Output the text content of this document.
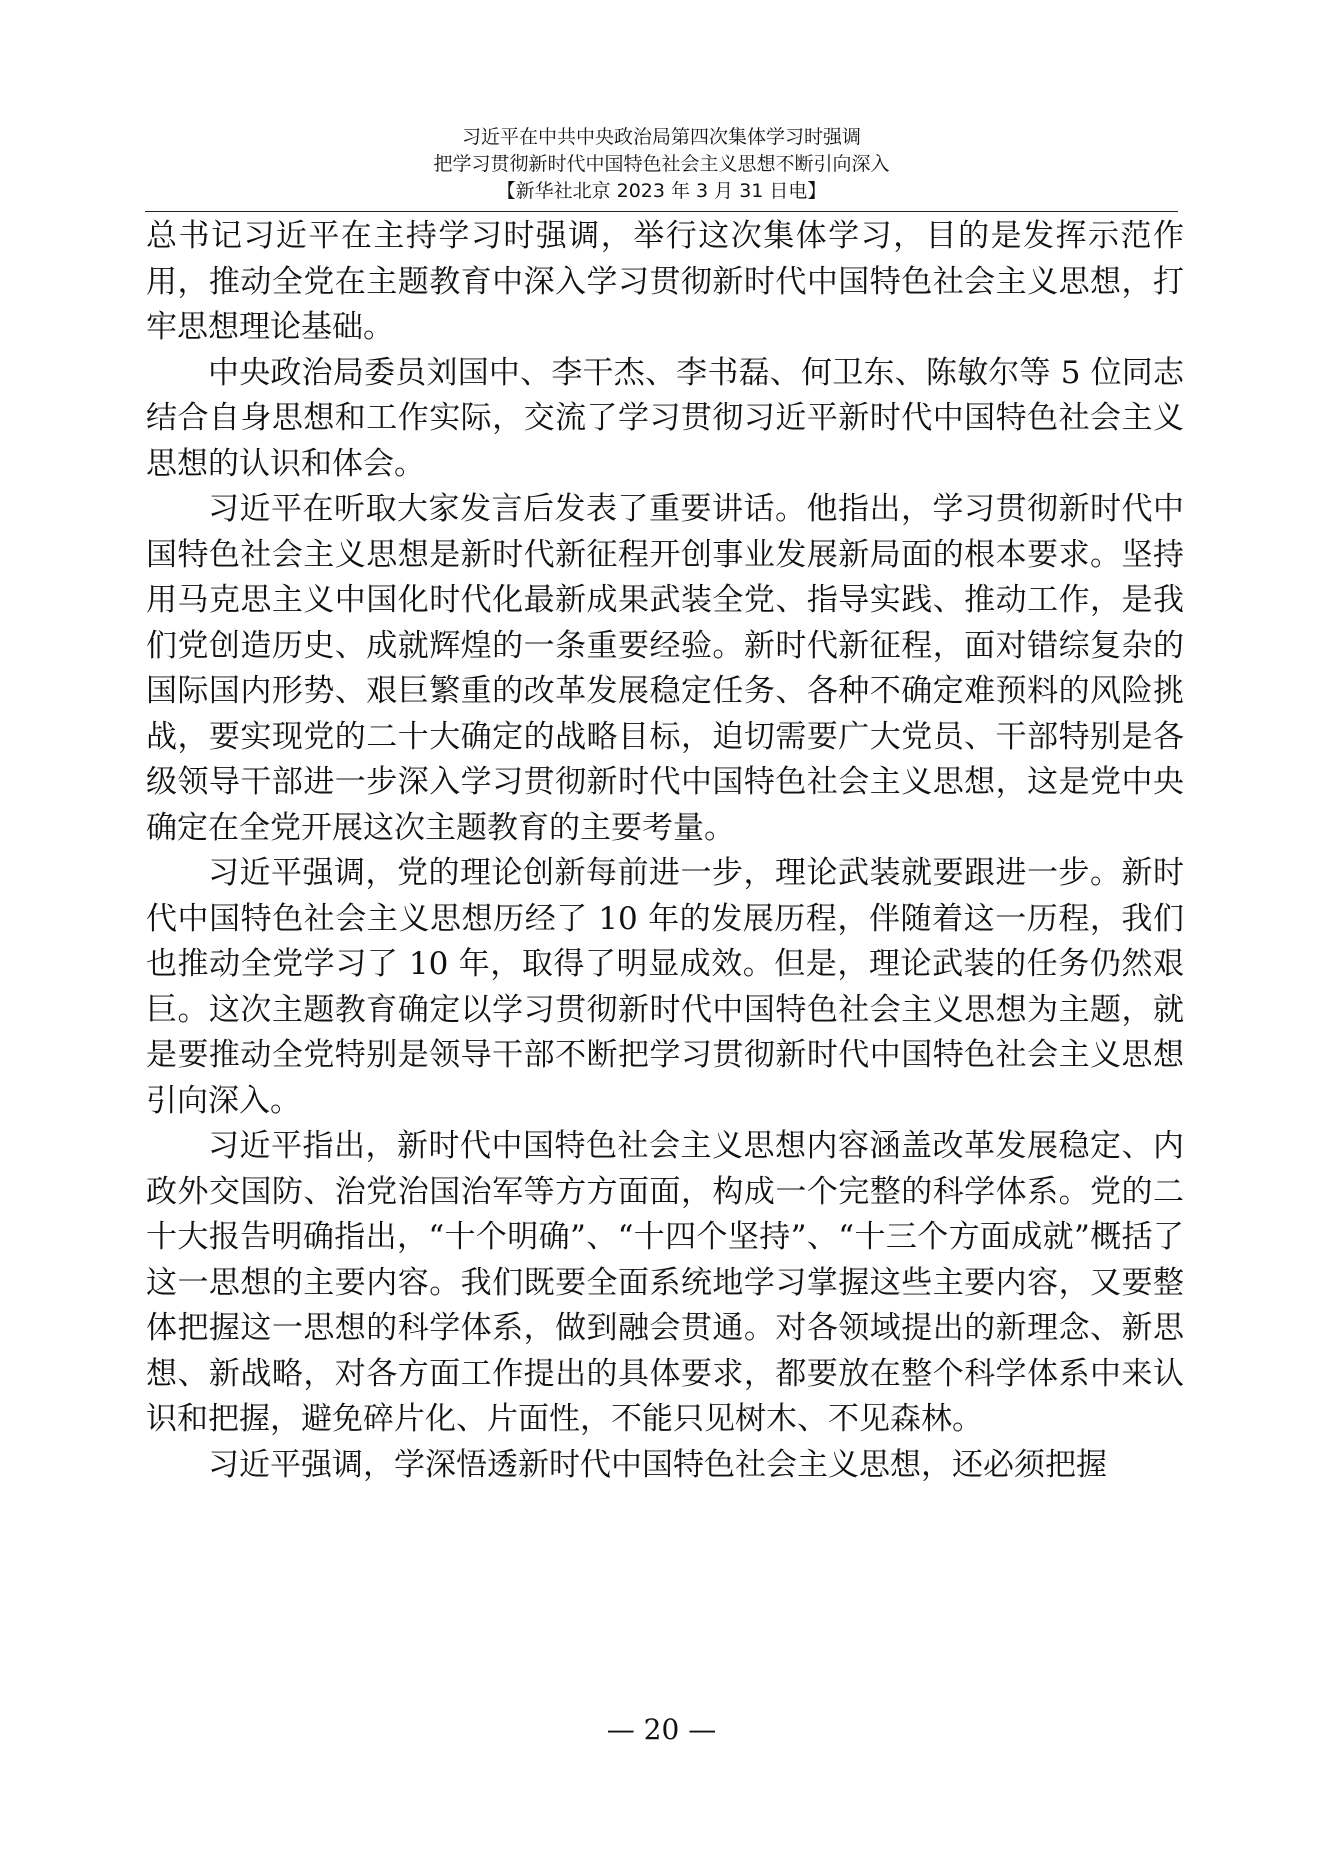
习近平在中共中央政治局第四次集体学习时强调
把学习贯彻新时代中国特色社会主义思想不断引向深入
【新华社北京 2023 年 3 月 31 日电】

总书记习近平在主持学习时强调，举行这次集体学习，目的是发挥示范作用，推动全党在主题教育中深入学习贯彻新时代中国特色社会主义思想，打牢思想理论基础。

中央政治局委员刘国中、李干杰、李书磊、何卫东、陈敏尔等 5 位同志结合自身思想和工作实际，交流了学习贯彻习近平新时代中国特色社会主义思想的认识和体会。

习近平在听取大家发言后发表了重要讲话。他指出，学习贯彻新时代中国特色社会主义思想是新时代新征程开创事业发展新局面的根本要求。坚持用马克思主义中国化时代化最新成果武装全党、指导实践、推动工作，是我们党创造历史、成就辉煌的一条重要经验。新时代新征程，面对错综复杂的国际国内形势、艰巨繁重的改革发展稳定任务、各种不确定难预料的风险挑战，要实现党的二十大确定的战略目标，迫切需要广大党员、干部特别是各级领导干部进一步深入学习贯彻新时代中国特色社会主义思想，这是党中央确定在全党开展这次主题教育的主要考量。

习近平强调，党的理论创新每前进一步，理论武装就要跟进一步。新时代中国特色社会主义思想历经了 10 年的发展历程，伴随着这一历程，我们也推动全党学习了 10 年，取得了明显成效。但是，理论武装的任务仍然艰巨。这次主题教育确定以学习贯彻新时代中国特色社会主义思想为主题，就是要推动全党特别是领导干部不断把学习贯彻新时代中国特色社会主义思想引向深入。

习近平指出，新时代中国特色社会主义思想内容涵盖改革发展稳定、内政外交国防、治党治国治军等方方面面，构成一个完整的科学体系。党的二十大报告明确指出，“十个明确”、“十四个坚持”、“十三个方面成就”概括了这一思想的主要内容。我们既要全面系统地学习掌握这些主要内容，又要整体把握这一思想的科学体系，做到融会贯通。对各领域提出的新理念、新思想、新战略，对各方面工作提出的具体要求，都要放在整个科学体系中来认识和把握，避免碎片化、片面性，不能只见树木、不见森林。

习近平强调，学深悟透新时代中国特色社会主义思想，还必须把握

— 20 —
